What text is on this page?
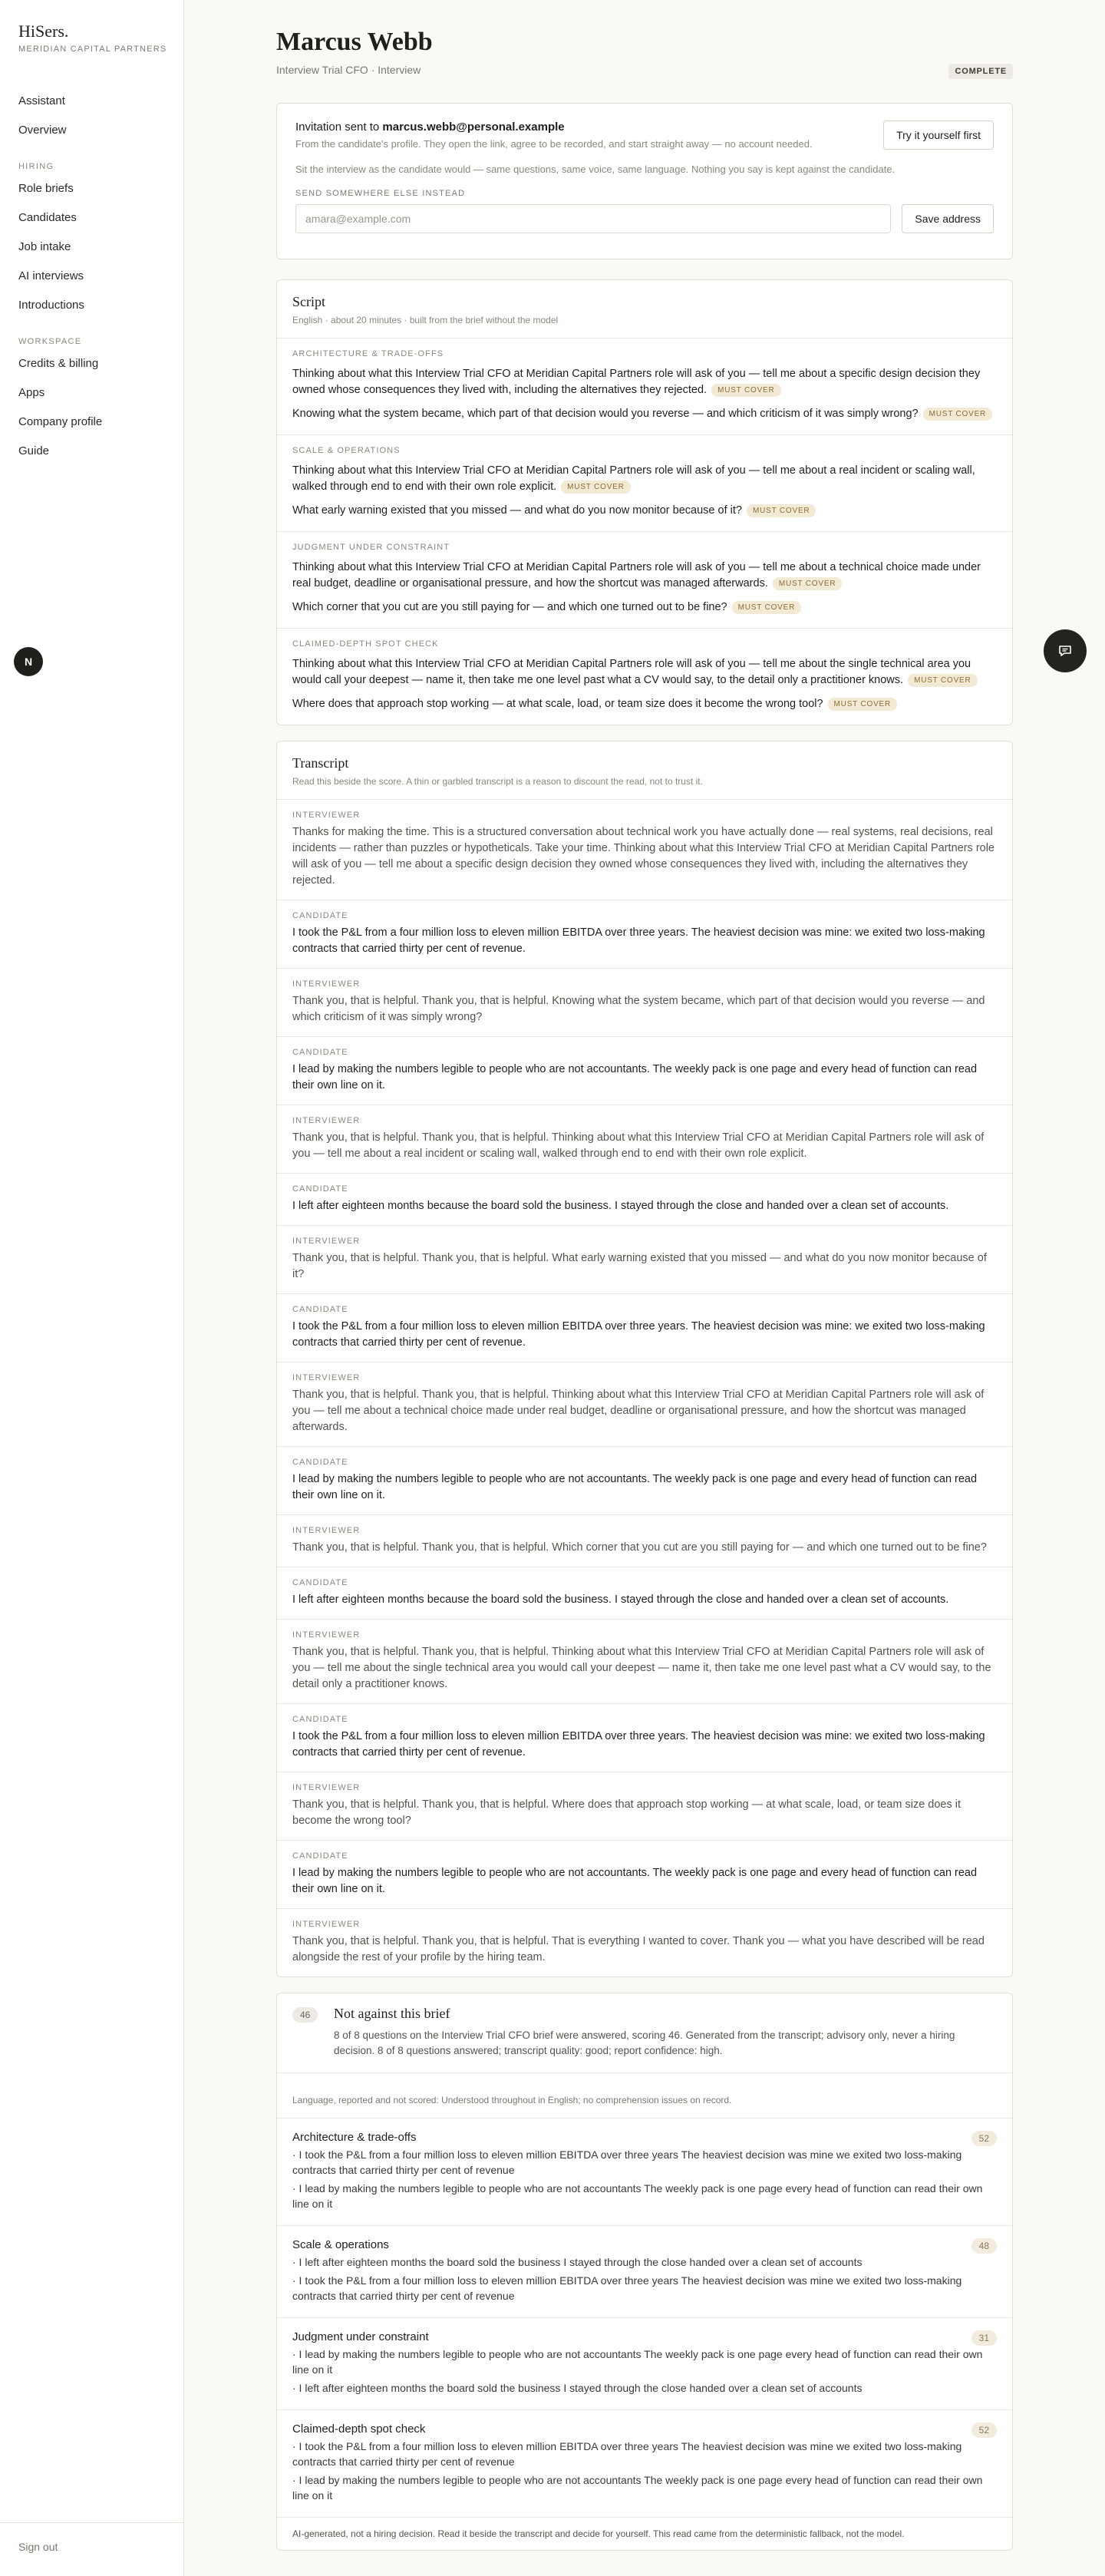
HiSers.
MERIDIAN CAPITAL PARTNERS
Assistant
Overview
HIRING
Role briefs
Candidates
Job intake
AI interviews
Introductions
WORKSPACE
Credits & billing
Apps
Company profile
Guide
Sign out
N
Marcus Webb
Interview Trial CFO · Interview	COMPLETE
Invitation sent to marcus.webb@personal.example
From the candidate's profile. They open the link, agree to be recorded, and start straight away — no account needed.
Sit the interview as the candidate would — same questions, same voice, same language. Nothing you say is kept against the candidate.
Try it yourself first
SEND SOMEWHERE ELSE INSTEAD
amara@example.com	Save address
Script
English · about 20 minutes · built from the brief without the model
ARCHITECTURE & TRADE-OFFS
Thinking about what this Interview Trial CFO at Meridian Capital Partners role will ask of you — tell me about a specific design decision they owned whose consequences they lived with, including the alternatives they rejected. MUST COVER
Knowing what the system became, which part of that decision would you reverse — and which criticism of it was simply wrong? MUST COVER
SCALE & OPERATIONS
Thinking about what this Interview Trial CFO at Meridian Capital Partners role will ask of you — tell me about a real incident or scaling wall, walked through end to end with their own role explicit. MUST COVER
What early warning existed that you missed — and what do you now monitor because of it? MUST COVER
JUDGMENT UNDER CONSTRAINT
Thinking about what this Interview Trial CFO at Meridian Capital Partners role will ask of you — tell me about a technical choice made under real budget, deadline or organisational pressure, and how the shortcut was managed afterwards. MUST COVER
Which corner that you cut are you still paying for — and which one turned out to be fine? MUST COVER
CLAIMED-DEPTH SPOT CHECK
Thinking about what this Interview Trial CFO at Meridian Capital Partners role will ask of you — tell me about the single technical area you would call your deepest — name it, then take me one level past what a CV would say, to the detail only a practitioner knows. MUST COVER
Where does that approach stop working — at what scale, load, or team size does it become the wrong tool? MUST COVER
Transcript
Read this beside the score. A thin or garbled transcript is a reason to discount the read, not to trust it.
INTERVIEWER
Thanks for making the time. This is a structured conversation about technical work you have actually done — real systems, real decisions, real incidents — rather than puzzles or hypotheticals. Take your time. Thinking about what this Interview Trial CFO at Meridian Capital Partners role will ask of you — tell me about a specific design decision they owned whose consequences they lived with, including the alternatives they rejected.
CANDIDATE
I took the P&L from a four million loss to eleven million EBITDA over three years. The heaviest decision was mine: we exited two loss-making contracts that carried thirty per cent of revenue.
INTERVIEWER
Thank you, that is helpful. Thank you, that is helpful. Knowing what the system became, which part of that decision would you reverse — and which criticism of it was simply wrong?
CANDIDATE
I lead by making the numbers legible to people who are not accountants. The weekly pack is one page and every head of function can read their own line on it.
INTERVIEWER
Thank you, that is helpful. Thank you, that is helpful. Thinking about what this Interview Trial CFO at Meridian Capital Partners role will ask of you — tell me about a real incident or scaling wall, walked through end to end with their own role explicit.
CANDIDATE
I left after eighteen months because the board sold the business. I stayed through the close and handed over a clean set of accounts.
INTERVIEWER
Thank you, that is helpful. Thank you, that is helpful. What early warning existed that you missed — and what do you now monitor because of it?
CANDIDATE
I took the P&L from a four million loss to eleven million EBITDA over three years. The heaviest decision was mine: we exited two loss-making contracts that carried thirty per cent of revenue.
INTERVIEWER
Thank you, that is helpful. Thank you, that is helpful. Thinking about what this Interview Trial CFO at Meridian Capital Partners role will ask of you — tell me about a technical choice made under real budget, deadline or organisational pressure, and how the shortcut was managed afterwards.
CANDIDATE
I lead by making the numbers legible to people who are not accountants. The weekly pack is one page and every head of function can read their own line on it.
INTERVIEWER
Thank you, that is helpful. Thank you, that is helpful. Which corner that you cut are you still paying for — and which one turned out to be fine?
CANDIDATE
I left after eighteen months because the board sold the business. I stayed through the close and handed over a clean set of accounts.
INTERVIEWER
Thank you, that is helpful. Thank you, that is helpful. Thinking about what this Interview Trial CFO at Meridian Capital Partners role will ask of you — tell me about the single technical area you would call your deepest — name it, then take me one level past what a CV would say, to the detail only a practitioner knows.
CANDIDATE
I took the P&L from a four million loss to eleven million EBITDA over three years. The heaviest decision was mine: we exited two loss-making contracts that carried thirty per cent of revenue.
INTERVIEWER
Thank you, that is helpful. Thank you, that is helpful. Where does that approach stop working — at what scale, load, or team size does it become the wrong tool?
CANDIDATE
I lead by making the numbers legible to people who are not accountants. The weekly pack is one page and every head of function can read their own line on it.
INTERVIEWER
Thank you, that is helpful. Thank you, that is helpful. That is everything I wanted to cover. Thank you — what you have described will be read alongside the rest of your profile by the hiring team.
46	Not against this brief
8 of 8 questions on the Interview Trial CFO brief were answered, scoring 46. Generated from the transcript; advisory only, never a hiring decision. 8 of 8 questions answered; transcript quality: good; report confidence: high.
Language, reported and not scored: Understood throughout in English; no comprehension issues on record.
Architecture & trade-offs	52
· I took the P&L from a four million loss to eleven million EBITDA over three years The heaviest decision was mine we exited two loss-making contracts that carried thirty per cent of revenue
· I lead by making the numbers legible to people who are not accountants The weekly pack is one page every head of function can read their own line on it
Scale & operations	48
· I left after eighteen months the board sold the business I stayed through the close handed over a clean set of accounts
· I took the P&L from a four million loss to eleven million EBITDA over three years The heaviest decision was mine we exited two loss-making contracts that carried thirty per cent of revenue
Judgment under constraint	31
· I lead by making the numbers legible to people who are not accountants The weekly pack is one page every head of function can read their own line on it
· I left after eighteen months the board sold the business I stayed through the close handed over a clean set of accounts
Claimed-depth spot check	52
· I took the P&L from a four million loss to eleven million EBITDA over three years The heaviest decision was mine we exited two loss-making contracts that carried thirty per cent of revenue
· I lead by making the numbers legible to people who are not accountants The weekly pack is one page every head of function can read their own line on it
AI-generated, not a hiring decision. Read it beside the transcript and decide for yourself. This read came from the deterministic fallback, not the model.
